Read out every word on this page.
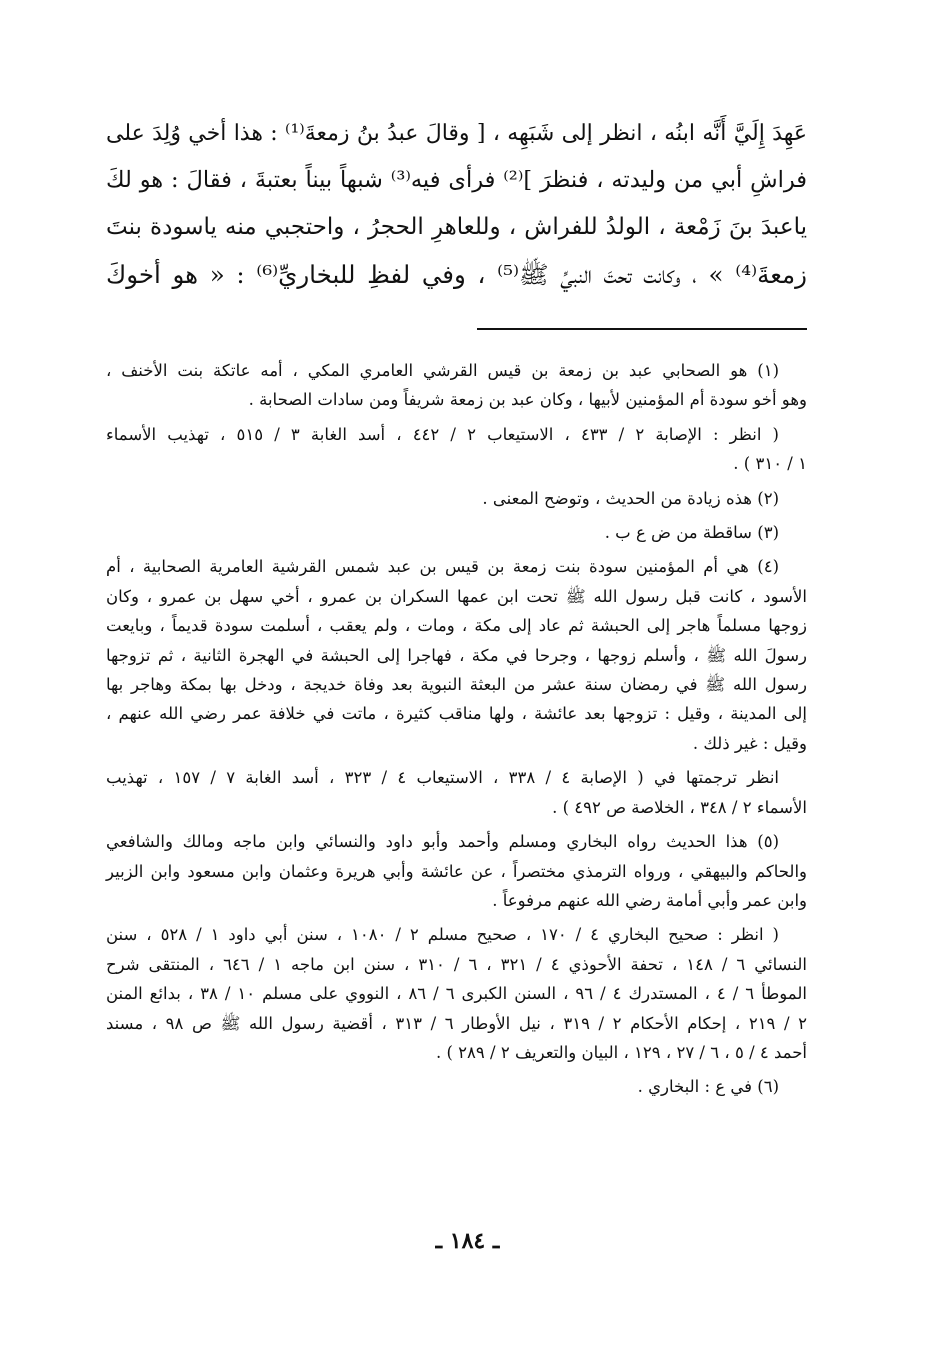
عَهِدَ إِلَيَّ أَنَّه ابنُه ، انظر إلى شَبَهِه ، [ وقالَ عبدُ بنُ زمعةَ⁽¹⁾ : هذا أخي وُلِدَ على
فراشِ أبي من وليدته ، فنظرَ ]⁽²⁾ فرأى فيه⁽³⁾ شبهاً بيناً بعتبةَ ، فقالَ : هو لكَ
ياعبدَ بنَ زَمْعة ، الولدُ للفراش ، وللعاهرِ الحجرُ ، واحتجبي منه ياسودة بنتَ
زمعةَ⁽⁴⁾ » ، وكانت تحتَ النبيِّ ﷺ⁽⁵⁾ ، وفي لفظِ للبخاريِّ⁽⁶⁾ : « هو أخوكَ
(١) هو الصحابي عبد بن زمعة بن قيس القرشي العامري المكي ، أمه عاتكة بنت الأخنف ،
وهو أخو سودة أم المؤمنين لأبيها ، وكان عبد بن زمعة شريفاً ومن سادات الصحابة .
( انظر : الإصابة ٢ / ٤٣٣ ، الاستيعاب ٢ / ٤٤٢ ، أسد الغابة ٣ / ٥١٥ ، تهذيب الأسماء
١ / ٣١٠ ) .
(٢) هذه زيادة من الحديث ، وتوضح المعنى .
(٣) ساقطة من ض ع ب .
(٤) هي أم المؤمنين سودة بنت زمعة بن قيس بن عبد شمس القرشية العامرية الصحابية ، أم
الأسود ، كانت قبل رسول الله ﷺ تحت ابن عمها السكران بن عمرو ، أخي سهل بن عمرو ، وكان
زوجها مسلماً هاجر إلى الحبشة ثم عاد إلى مكة ، ومات ، ولم يعقب ، أسلمت سودة قديماً ، وبايعت
رسولَ الله ﷺ ، وأسلم زوجها ، وجرحا في مكة ، فهاجرا إلى الحبشة في الهجرة الثانية ، ثم تزوجها
رسول الله ﷺ في رمضان سنة عشر من البعثة النبوية بعد وفاة خديجة ، ودخل بها بمكة وهاجر بها
إلى المدينة ، وقيل : تزوجها بعد عائشة ، ولها مناقب كثيرة ، ماتت في خلافة عمر رضي الله عنهم ،
وقيل : غير ذلك .
انظر ترجمتها في ( الإصابة ٤ / ٣٣٨ ، الاستيعاب ٤ / ٣٢٣ ، أسد الغابة ٧ / ١٥٧ ، تهذيب
الأسماء ٢ / ٣٤٨ ، الخلاصة ص ٤٩٢ ) .
(٥) هذا الحديث رواه البخاري ومسلم وأحمد وأبو داود والنسائي وابن ماجه ومالك والشافعي
والحاكم والبيهقي ، ورواه الترمذي مختصراً ، عن عائشة وأبي هريرة وعثمان وابن مسعود وابن الزبير
وابن عمر وأبي أمامة رضي الله عنهم مرفوعاً .
( انظر : صحيح البخاري ٤ / ١٧٠ ، صحيح مسلم ٢ / ١٠٨٠ ، سنن أبي داود ١ / ٥٢٨ ، سنن
النسائي ٦ / ١٤٨ ، تحفة الأحوذي ٤ / ٣٢١ ، ٦ / ٣١٠ ، سنن ابن ماجه ١ / ٦٤٦ ، المنتقى شرح
الموطأ ٦ / ٤ ، المستدرك ٤ / ٩٦ ، السنن الكبرى ٦ / ٨٦ ، النووي على مسلم ١٠ / ٣٨ ، بدائع المنن
٢ / ٢١٩ ، إحكام الأحكام ٢ / ٣١٩ ، نيل الأوطار ٦ / ٣١٣ ، أقضية رسول الله ﷺ ص ٩٨ ، مسند
أحمد ٤ / ٥ ، ٦ / ٢٧ ، ١٢٩ ، البيان والتعريف ٢ / ٢٨٩ ) .
(٦) في ع : البخاري .
ـ ١٨٤ ـ
